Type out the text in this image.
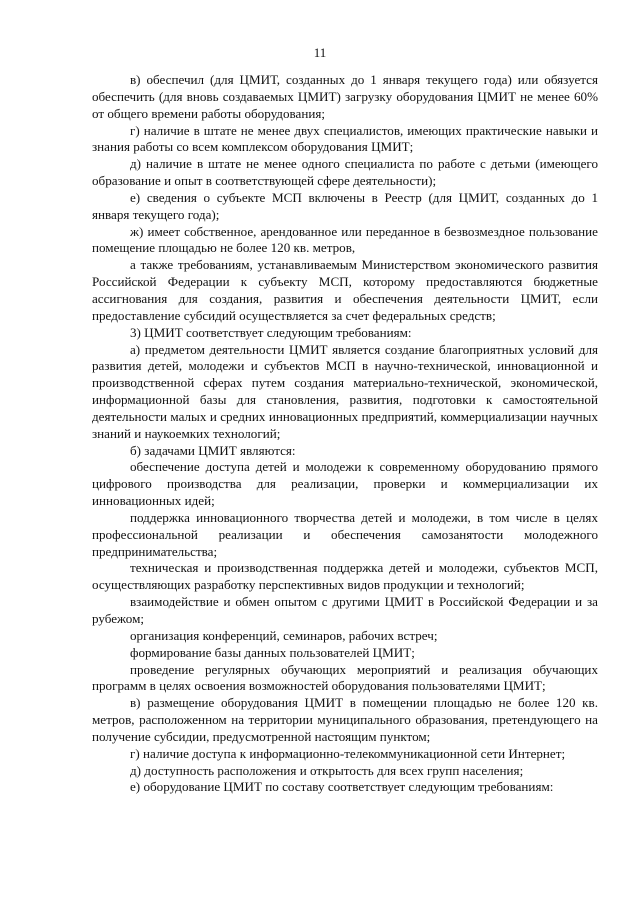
11

в) обеспечил (для ЦМИТ, созданных до 1 января текущего года) или обязуется обеспечить (для вновь создаваемых ЦМИТ) загрузку оборудования ЦМИТ не менее 60% от общего времени работы оборудования;

г) наличие в штате не менее двух специалистов, имеющих практические навыки и знания работы со всем комплексом оборудования ЦМИТ;

д) наличие в штате не менее одного специалиста по работе с детьми (имеющего образование и опыт в соответствующей сфере деятельности);

е) сведения о субъекте МСП включены в Реестр (для ЦМИТ, созданных до 1 января текущего года);

ж) имеет собственное, арендованное или переданное в безвозмездное пользование помещение площадью не более 120 кв. метров,

а также требованиям, устанавливаемым Министерством экономического развития Российской Федерации к субъекту МСП, которому предоставляются бюджетные ассигнования для создания, развития и обеспечения деятельности ЦМИТ, если предоставление субсидий осуществляется за счет федеральных средств;

3) ЦМИТ соответствует следующим требованиям:

а) предметом деятельности ЦМИТ является создание благоприятных условий для развития детей, молодежи и субъектов МСП в научно-технической, инновационной и производственной сферах путем создания материально-технической, экономической, информационной базы для становления, развития, подготовки к самостоятельной деятельности малых и средних инновационных предприятий, коммерциализации научных знаний и наукоемких технологий;

б) задачами ЦМИТ являются:

обеспечение доступа детей и молодежи к современному оборудованию прямого цифрового производства для реализации, проверки и коммерциализации их инновационных идей;

поддержка инновационного творчества детей и молодежи, в том числе в целях профессиональной реализации и обеспечения самозанятости молодежного предпринимательства;

техническая и производственная поддержка детей и молодежи, субъектов МСП, осуществляющих разработку перспективных видов продукции и технологий;

взаимодействие и обмен опытом с другими ЦМИТ в Российской Федерации и за рубежом;

организация конференций, семинаров, рабочих встреч;

формирование базы данных пользователей ЦМИТ;

проведение регулярных обучающих мероприятий и реализация обучающих программ в целях освоения возможностей оборудования пользователями ЦМИТ;

в) размещение оборудования ЦМИТ в помещении площадью не более 120 кв. метров, расположенном на территории муниципального образования, претендующего на получение субсидии, предусмотренной настоящим пунктом;

г) наличие доступа к информационно-телекоммуникационной сети Интернет;

д) доступность расположения и открытость для всех групп населения;

е) оборудование ЦМИТ по составу соответствует следующим требованиям:
